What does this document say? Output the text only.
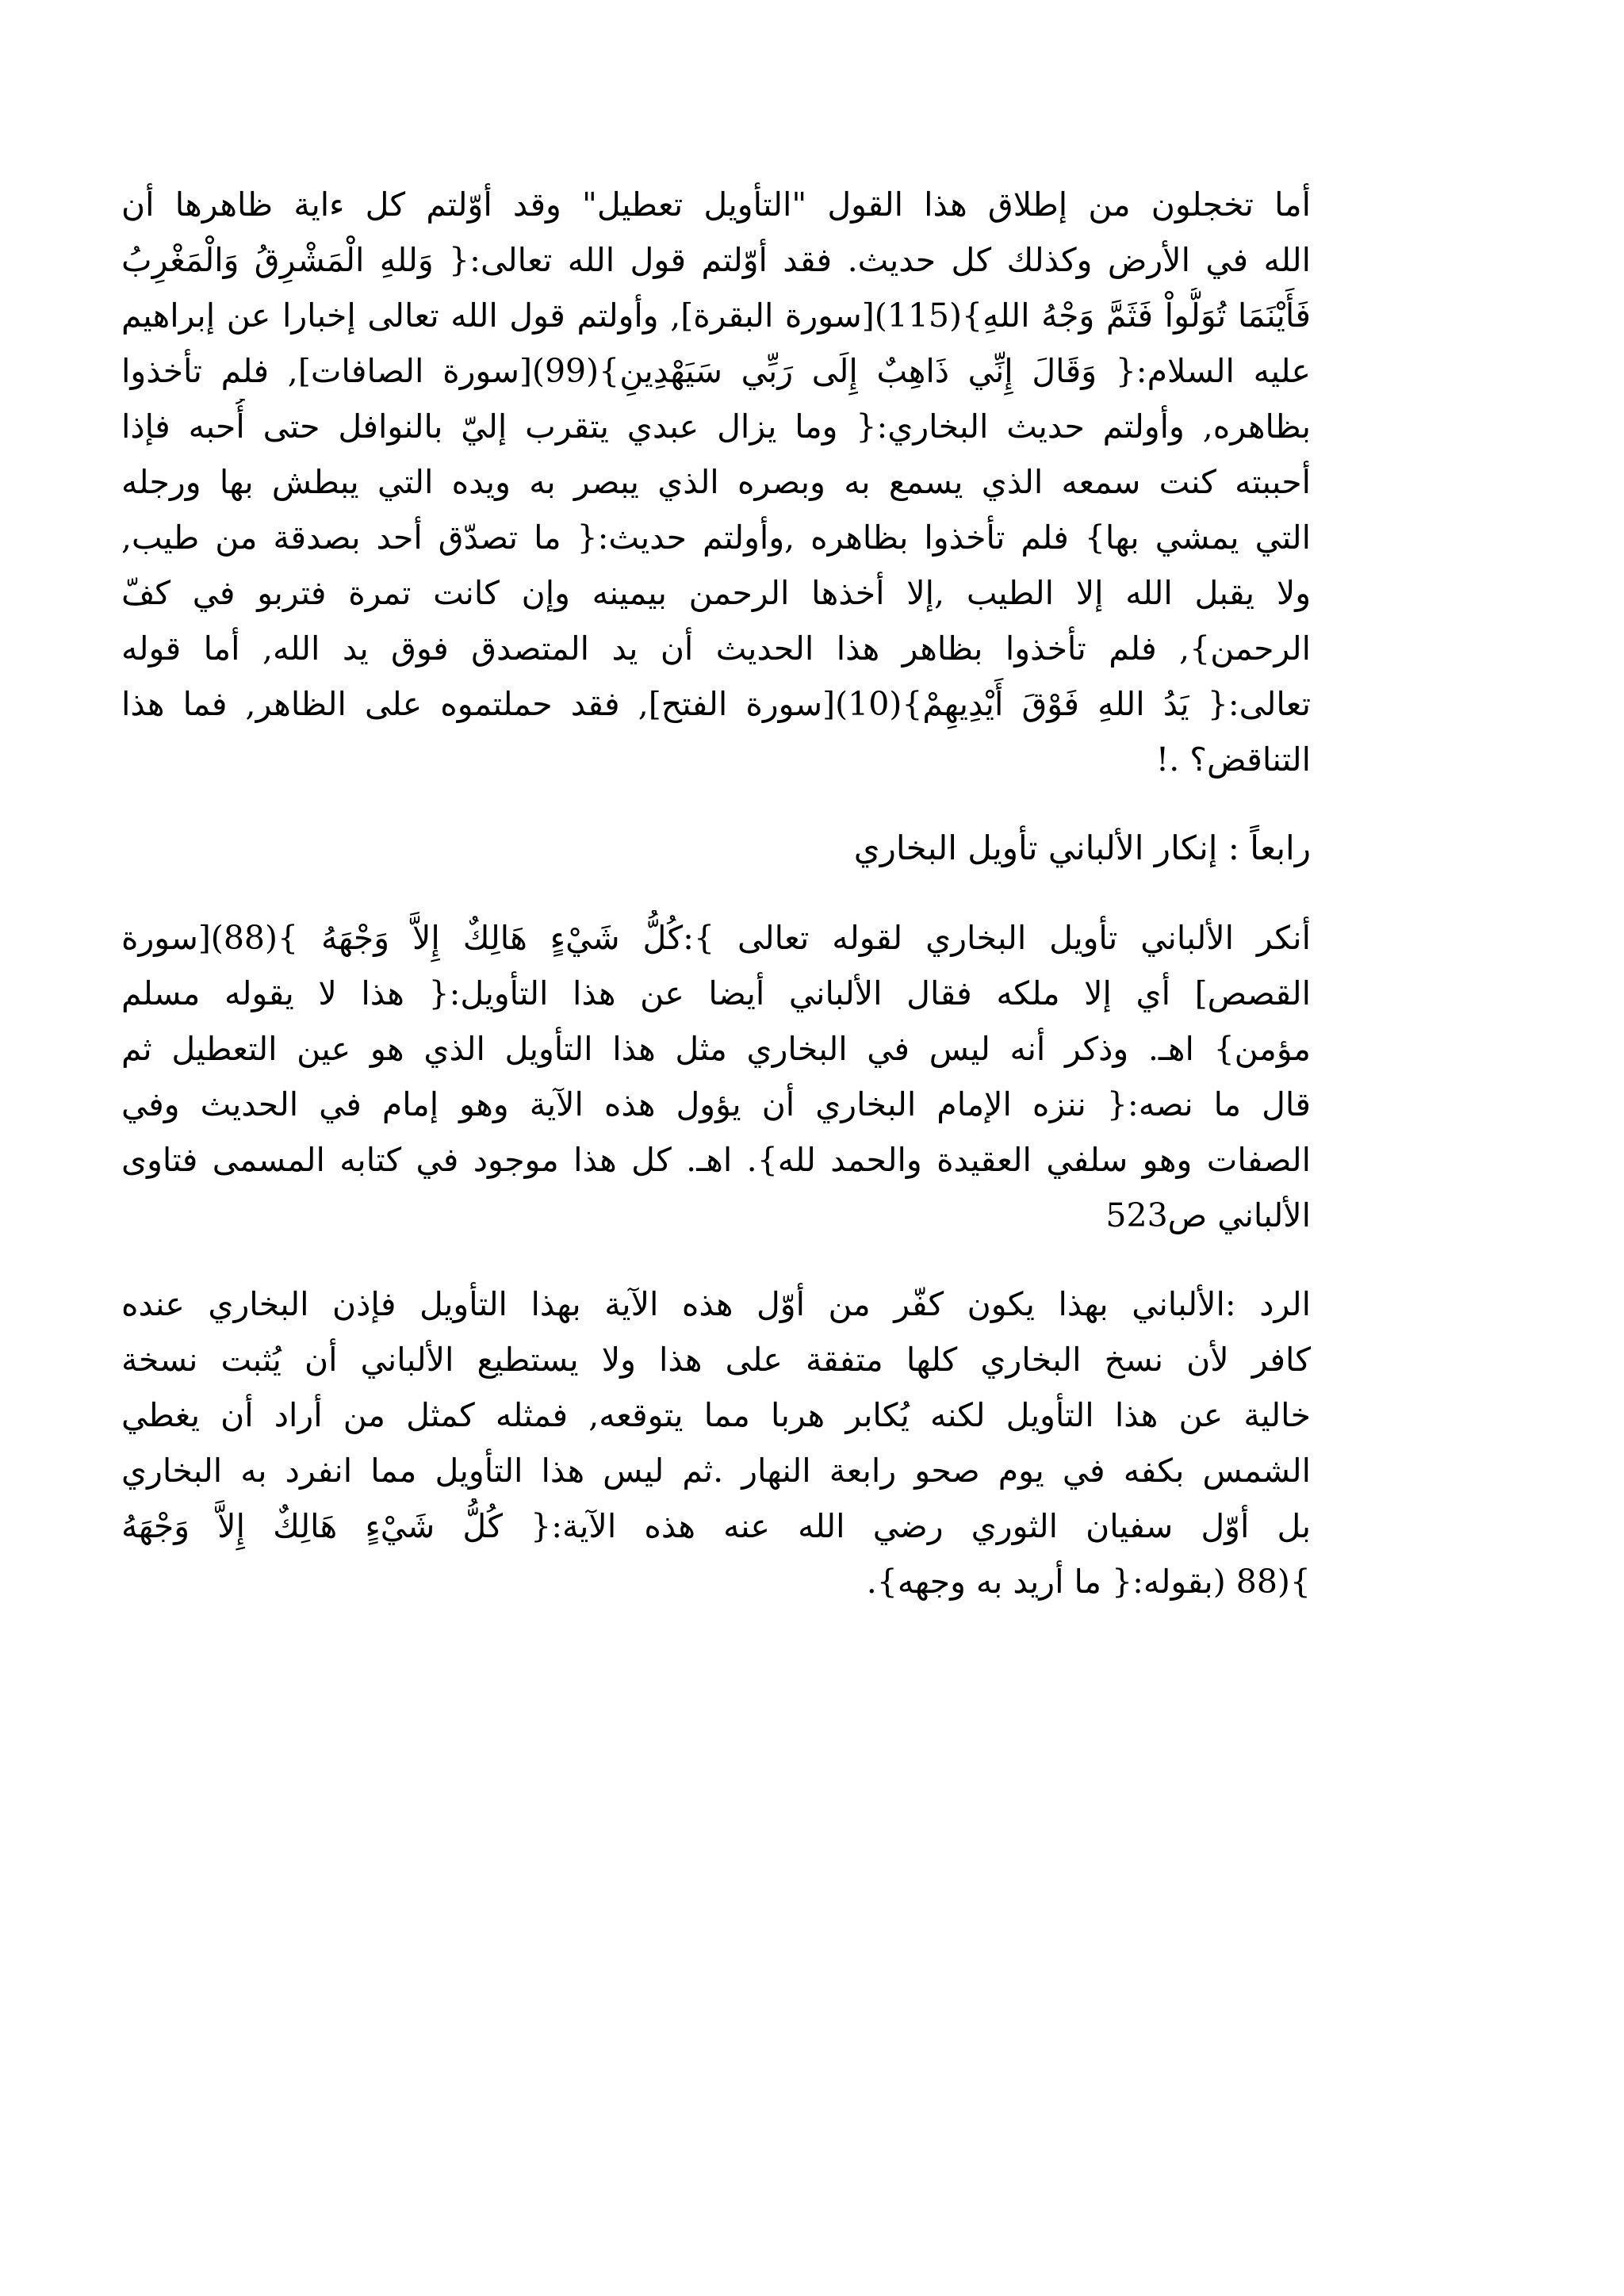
أما تخجلون من إطلاق هذا القول "التأويل تعطيل" وقد أوّلتم كل ءاية ظاهرها أن
الله في الأرض وكذلك كل حديث. فقد أوّلتم قول الله تعالى:{ وَللهِ الْمَشْرِقُ وَالْمَغْرِبُ
فَأَيْنَمَا تُوَلُّواْ فَثَمَّ وَجْهُ اللهِ}(115)[سورة البقرة], وأولتم قول الله تعالى إخبارا عن إبراهيم
عليه السلام:{ وَقَالَ إِنِّي ذَاهِبٌ إِلَى رَبِّي سَيَهْدِينِ}(99)[سورة الصافات], فلم تأخذوا
بظاهره, وأولتم حديث البخاري:{ وما يزال عبدي يتقرب إليّ بالنوافل حتى أُحبه فإذا
أحببته كنت سمعه الذي يسمع به وبصره الذي يبصر به ويده التي يبطش بها ورجله
التي يمشي بها} فلم تأخذوا بظاهره ,وأولتم حديث:{ ما تصدّق أحد بصدقة من طيب,
ولا يقبل الله إلا الطيب ,إلا أخذها الرحمن بيمينه وإن كانت تمرة فتربو في كفّ
الرحمن}, فلم تأخذوا بظاهر هذا الحديث أن يد المتصدق فوق يد الله, أما قوله
تعالى:{ يَدُ اللهِ فَوْقَ أَيْدِيهِمْ}(10)[سورة الفتح], فقد حملتموه على الظاهر, فما هذا
التناقض؟ .!
رابعاً : إنكار الألباني تأويل البخاري
أنكر الألباني تأويل البخاري لقوله تعالى }:كُلُّ شَيْءٍ هَالِكٌ إِلاَّ وَجْهَهُ }(88)[سورة
القصص] أي إلا ملكه فقال الألباني أيضا عن هذا التأويل:{ هذا لا يقوله مسلم
مؤمن} اهـ. وذكر أنه ليس في البخاري مثل هذا التأويل الذي هو عين التعطيل ثم
قال ما نصه:{ ننزه الإمام البخاري أن يؤول هذه الآية وهو إمام في الحديث وفي
الصفات وهو سلفي العقيدة والحمد لله}. اهـ. كل هذا موجود في كتابه المسمى فتاوى
الألباني ص523
الرد :الألباني بهذا يكون كفّر من أوّل هذه الآية بهذا التأويل فإذن البخاري عنده
كافر لأن نسخ البخاري كلها متفقة على هذا ولا يستطيع الألباني أن يُثبت نسخة
خالية عن هذا التأويل لكنه يُكابر هربا مما يتوقعه, فمثله كمثل من أراد أن يغطي
الشمس بكفه في يوم صحو رابعة النهار .ثم ليس هذا التأويل مما انفرد به البخاري
بل أوّل سفيان الثوري رضي الله عنه هذه الآية:{ كُلُّ شَيْءٍ هَالِكٌ إِلاَّ وَجْهَهُ
}(88 (بقوله:{ ما أريد به وجهه}.
